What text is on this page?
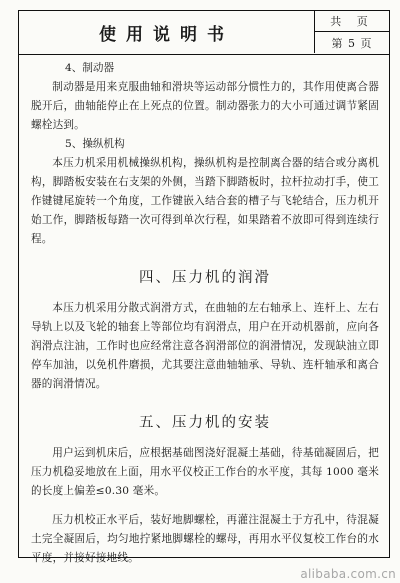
使用说明书
共 页
第 5 页
4、制动器

制动器是用来克服曲轴和滑块等运动部分惯性力的，其作用使离合器脱开后，曲轴能停止在上死点的位置。制动器张力的大小可通过调节紧固螺栓达到。

5、操纵机构

本压力机采用机械操纵机构，操纵机构是控制离合器的结合或分离机构，脚踏板安装在右支架的外侧，当踏下脚踏板时，拉杆拉动打手，使工作键键尾旋转一个角度，工作键嵌入结合套的槽子与飞轮结合，压力机开始工作，脚踏板每踏一次可得到单次行程，如果踏着不放即可得到连续行程。

四、压力机的润滑

本压力机采用分散式润滑方式，在曲轴的左右轴承上、连杆上、左右导轨上以及飞轮的轴套上等部位均有润滑点，用户在开动机器前，应向各润滑点注油，工作时也应经常注意各润滑部位的润滑情况，发现缺油立即停车加油，以免机件磨损，尤其要注意曲轴轴承、导轨、连杆轴承和离合器的润滑情况。

五、压力机的安装

用户运到机床后，应根据基础图浇好混凝土基础，待基础凝固后，把压力机稳妥地放在上面，用水平仪校正工作台的水平度，其每 1000 毫米的长度上偏差≤0.30 毫米。

压力机校正水平后，装好地脚螺栓，再灌注混凝土于方孔中，待混凝土完全凝固后，均匀地拧紧地脚螺栓的螺母，再用水平仪复校工作台的水平度，并接好接地线。

alibaba.com.cn
